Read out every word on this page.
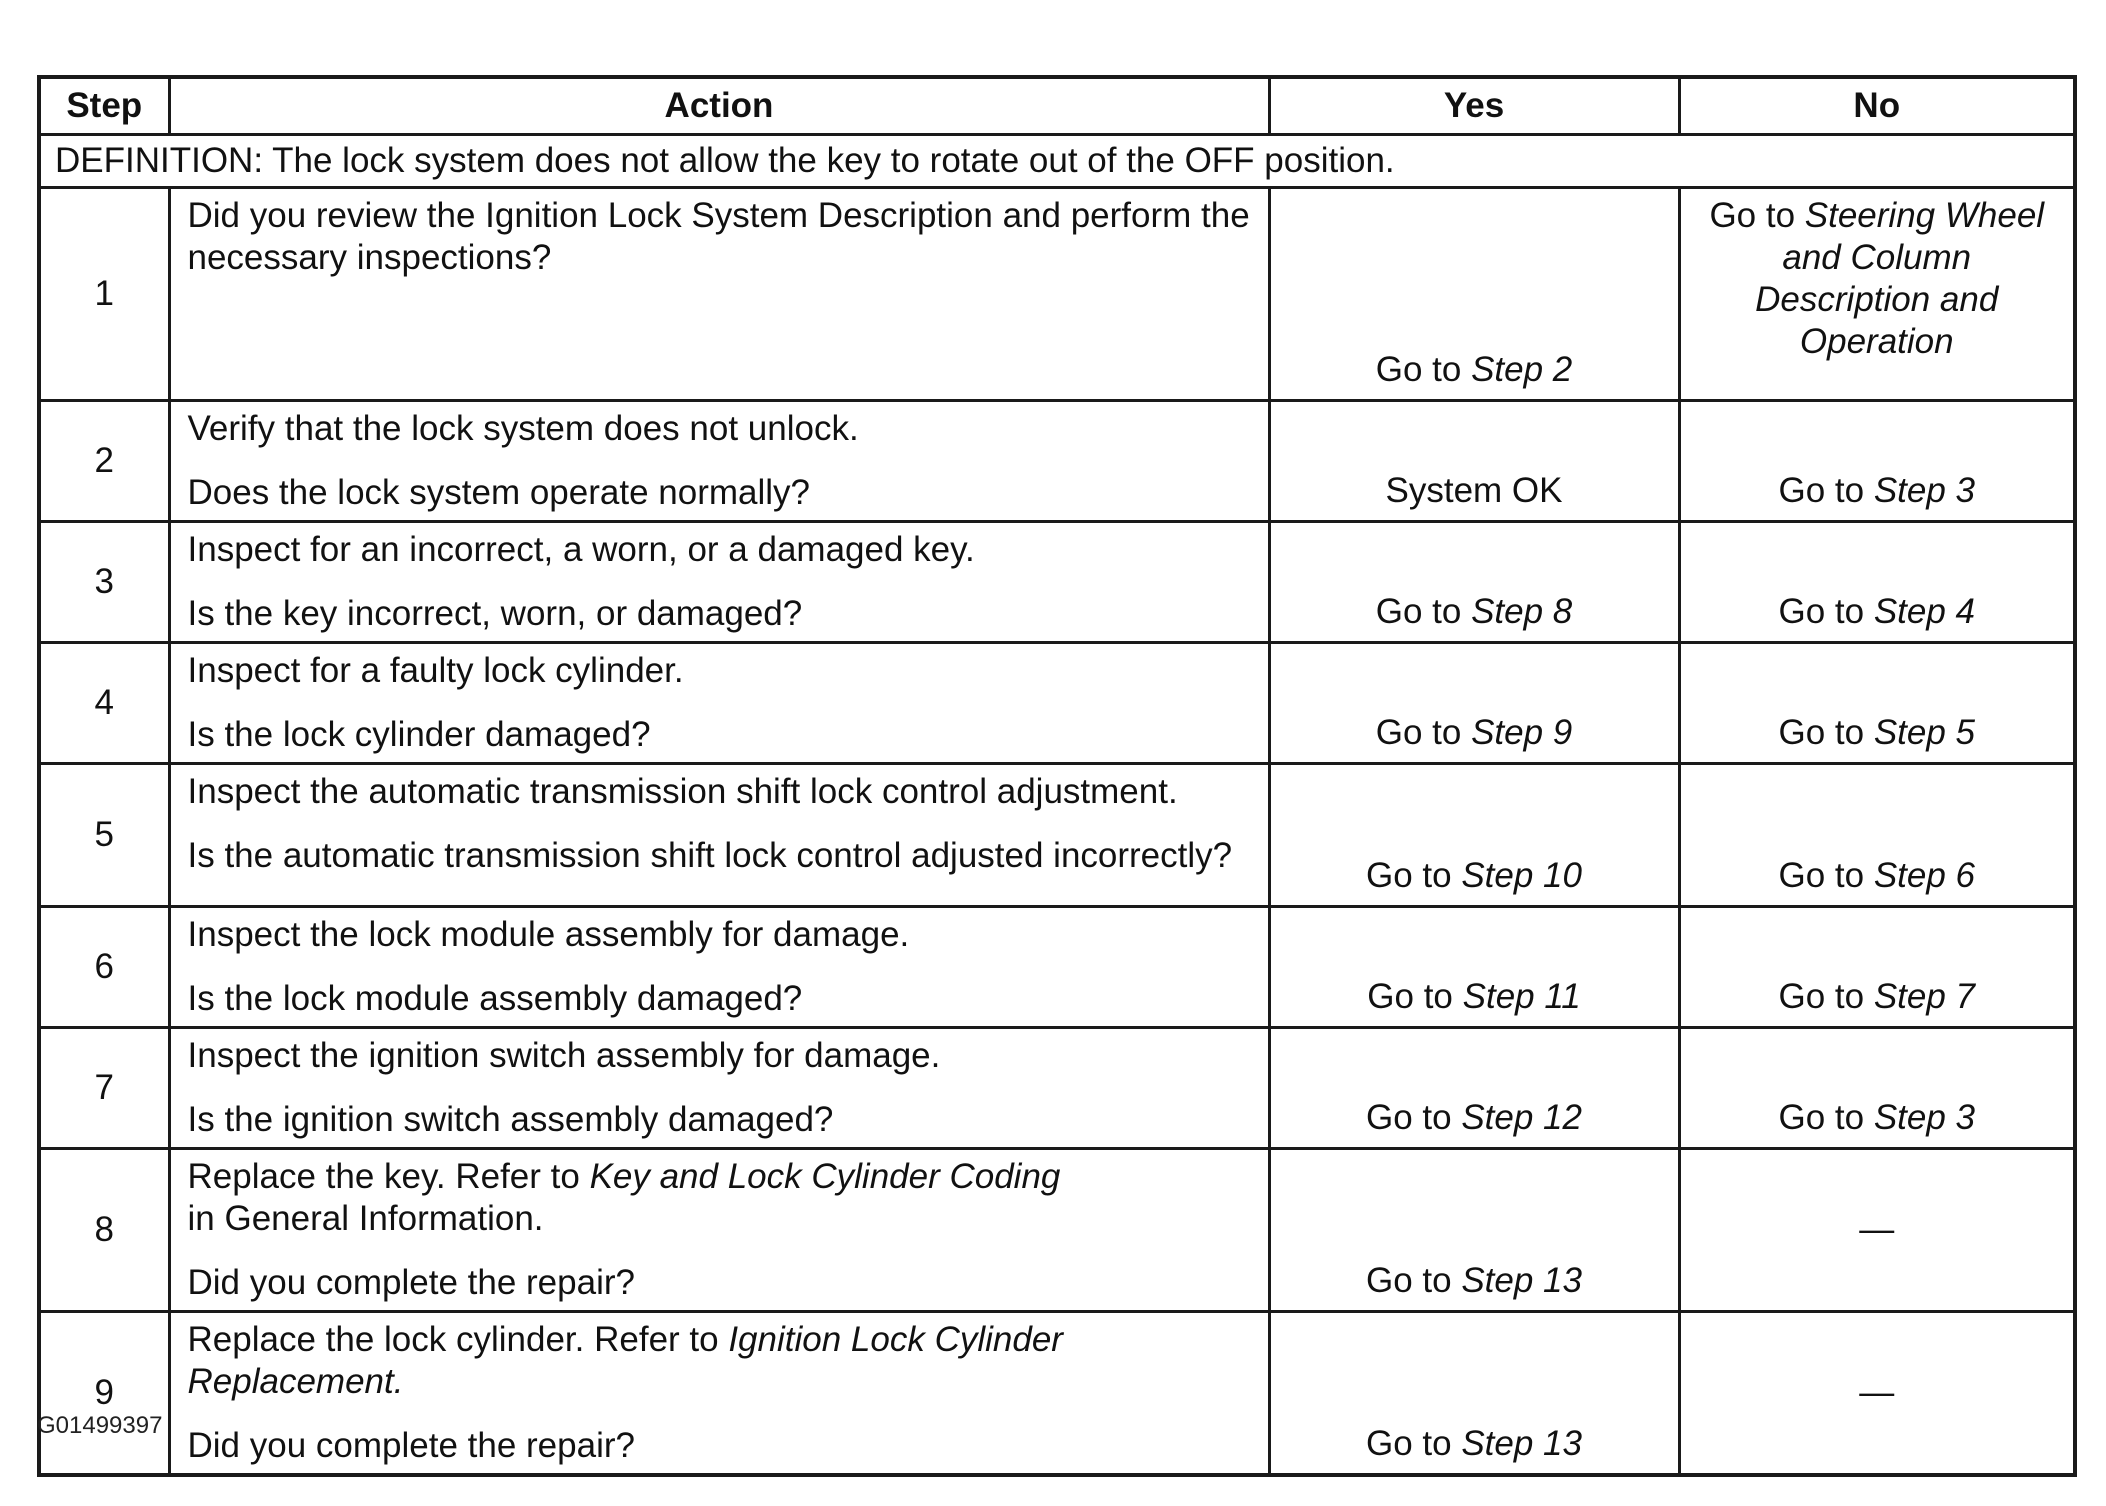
Step	Action	Yes	No
DEFINITION: The lock system does not allow the key to rotate out of the OFF position.			
1	Did you review the Ignition Lock System Description and perform the necessary inspections?	Go to Step 2	Go to Steering Wheel
and Column
Description and
Operation

2	Verify that the lock system does not unlock.
Does the lock system operate normally?	System OK	Go to Step 3
3	Inspect for an incorrect, a worn, or a damaged key.
Is the key incorrect, worn, or damaged?	Go to Step 8	Go to Step 4
4	Inspect for a faulty lock cylinder.
Is the lock cylinder damaged?	Go to Step 9	Go to Step 5
5	Inspect the automatic transmission shift lock control adjustment.
Is the automatic transmission shift lock control adjusted incorrectly?	Go to Step 10	Go to Step 6
6	Inspect the lock module assembly for damage.
Is the lock module assembly damaged?	Go to Step 11	Go to Step 7
7	Inspect the ignition switch assembly for damage.
Is the ignition switch assembly damaged?	Go to Step 12	Go to Step 3
8	Replace the key. Refer to Key and Lock Cylinder Coding
in General Information.
Did you complete the repair?	Go to Step 13	—
9	Replace the lock cylinder. Refer to Ignition Lock Cylinder Replacement.
Did you complete the repair?	Go to Step 13	—
G01499397
